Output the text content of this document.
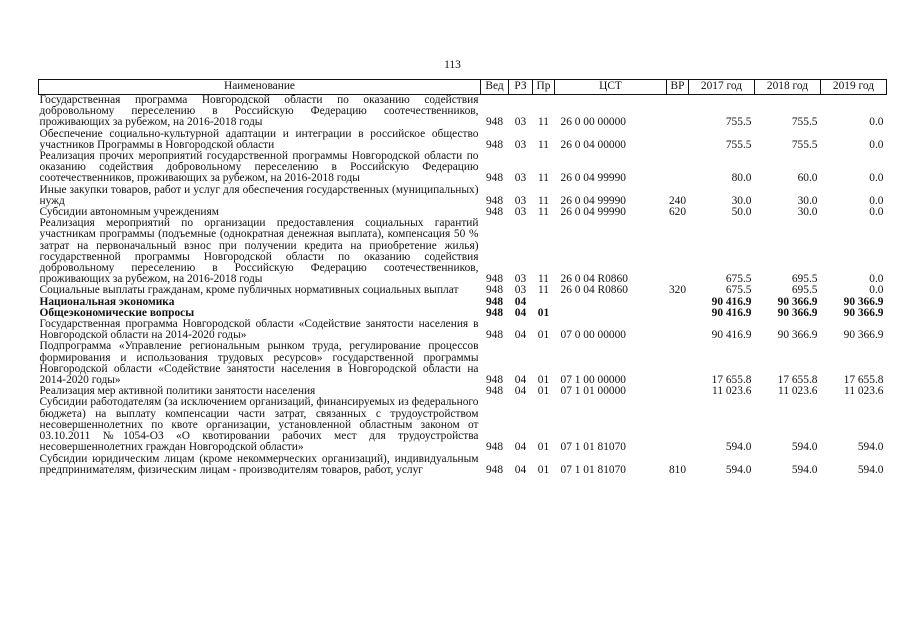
113
Наименование	Вед	РЗ	Пр	ЦСТ	ВР	2017 год	2018 год	2019 год
Государственная программа Новгородской области по оказанию содействия добровольному переселению в Российскую Федерацию соотечественников, проживающих за рубежом, на 2016-2018 годы	948	03	11	26 0 00 00000		755.5	755.5	0.0
Обеспечение социально-культурной адаптации и интеграции в российское общество участников Программы в Новгородской области	948	03	11	26 0 04 00000		755.5	755.5	0.0
Реализация прочих мероприятий государственной программы Новгородской области по оказанию содействия добровольному переселению в Российскую Федерацию соотечественников, проживающих за рубежом, на 2016-2018 годы	948	03	11	26 0 04 99990		80.0	60.0	0.0
Иные закупки товаров, работ и услуг для обеспечения государственных (муниципальных) нужд	948	03	11	26 0 04 99990	240	30.0	30.0	0.0
Субсидии автономным учреждениям	948	03	11	26 0 04 99990	620	50.0	30.0	0.0
Реализация мероприятий по организации предоставления социальных гарантий участникам программы (подъемные (однократная денежная выплата), компенсация 50 % затрат на первоначальный взнос при получении кредита на приобретение жилья) государственной программы Новгородской области по оказанию содействия добровольному переселению в Российскую Федерацию соотечественников, проживающих за рубежом, на 2016-2018 годы	948	03	11	26 0 04 R0860		675.5	695.5	0.0
Социальные выплаты гражданам, кроме публичных нормативных социальных выплат	948	03	11	26 0 04 R0860	320	675.5	695.5	0.0
Национальная экономика	948	04				90 416.9	90 366.9	90 366.9
Общеэкономические вопросы	948	04	01			90 416.9	90 366.9	90 366.9
Государственная программа Новгородской области «Содействие занятости населения в Новгородской области на 2014-2020 годы»	948	04	01	07 0 00 00000		90 416.9	90 366.9	90 366.9
Подпрограмма «Управление региональным рынком труда, регулирование процессов формирования и использования трудовых ресурсов» государственной программы Новгородской области «Содействие занятости населения в Новгородской области на 2014-2020 годы»	948	04	01	07 1 00 00000		17 655.8	17 655.8	17 655.8
Реализация мер активной политики занятости населения	948	04	01	07 1 01 00000		11 023.6	11 023.6	11 023.6
Субсидии работодателям (за исключением организаций, финансируемых из федерального бюджета) на выплату компенсации части затрат, связанных с трудоустройством несовершеннолетних по квоте организации, установленной областным законом от 03.10.2011 №1054-ОЗ «О квотировании рабочих мест для трудоустройства несовершеннолетних граждан Новгородской области»	948	04	01	07 1 01 81070		594.0	594.0	594.0
Субсидии юридическим лицам (кроме некоммерческих организаций), индивидуальным предпринимателям, физическим лицам - производителям товаров, работ, услуг	948	04	01	07 1 01 81070	810	594.0	594.0	594.0
